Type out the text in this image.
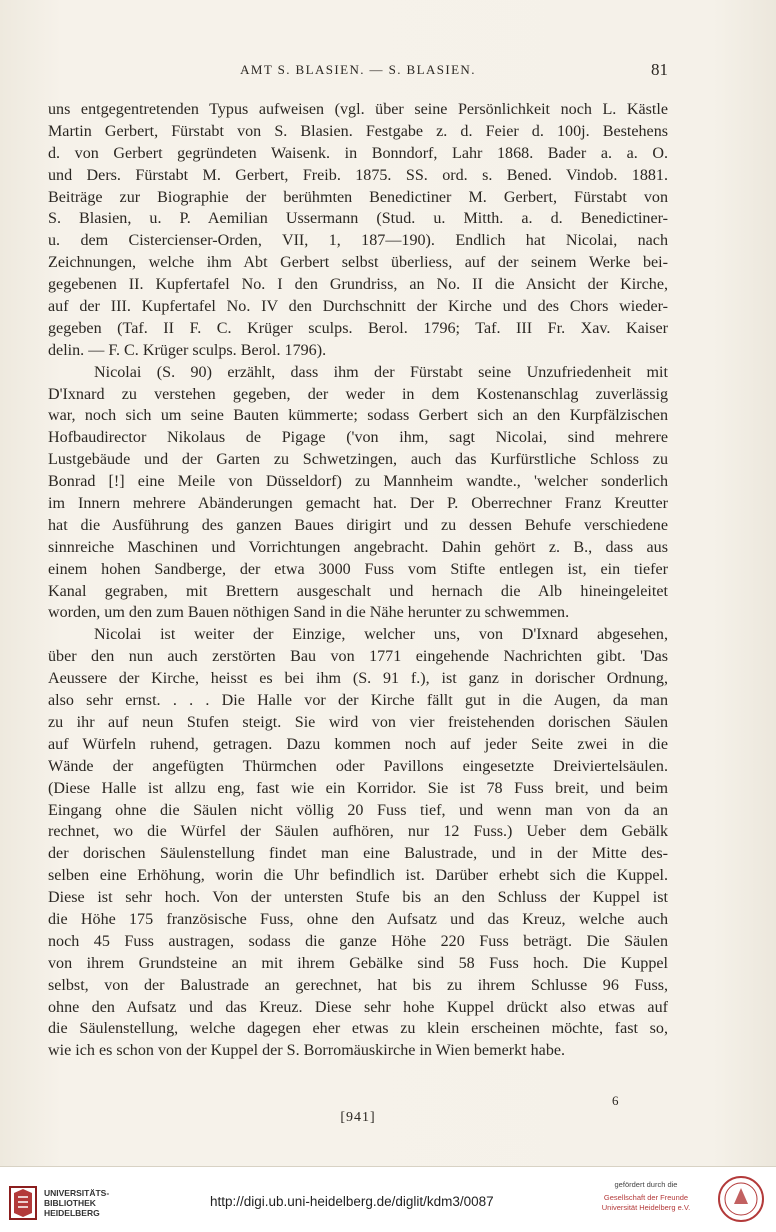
AMT S. BLASIEN. — S. BLASIEN.	81
uns entgegentretenden Typus aufweisen (vgl. über seine Persönlichkeit noch L. Kästle
Martin Gerbert, Fürstabt von S. Blasien. Festgabe z. d. Feier d. 100j. Bestehens
d. von Gerbert gegründeten Waisenk. in Bonndorf, Lahr 1868. Bader a. a. O.
und Ders. Fürstabt M. Gerbert, Freib. 1875. SS. ord. s. Bened. Vindob. 1881.
Beiträge zur Biographie der berühmten Benedictiner M. Gerbert, Fürstabt von
S. Blasien, u. P. Aemilian Ussermann (Stud. u. Mitth. a. d. Benedictiner-
u. dem Cistercienser-Orden, VII, 1, 187—190). Endlich hat Nicolai, nach
Zeichnungen, welche ihm Abt Gerbert selbst überliess, auf der seinem Werke bei-
gegebenen II. Kupfertafel No. I den Grundriss, an No. II die Ansicht der Kirche,
auf der III. Kupfertafel No. IV den Durchschnitt der Kirche und des Chors wieder-
gegeben (Taf. II F. C. Krüger sculps. Berol. 1796; Taf. III Fr. Xav. Kaiser
delin. — F. C. Krüger sculps. Berol. 1796).
Nicolai (S. 90) erzählt, dass ihm der Fürstabt seine Unzufriedenheit mit
D'Ixnard zu verstehen gegeben, der weder in dem Kostenanschlag zuverlässig
war, noch sich um seine Bauten kümmerte; sodass Gerbert sich an den Kurpfälzischen
Hofbaudirector Nikolaus de Pigage ('von ihm, sagt Nicolai, sind mehrere
Lustgebäude und der Garten zu Schwetzingen, auch das Kurfürstliche Schloss zu
Bonrad [!] eine Meile von Düsseldorf) zu Mannheim wandte., 'welcher sonderlich
im Innern mehrere Abänderungen gemacht hat. Der P. Oberrechner Franz Kreutter
hat die Ausführung des ganzen Baues dirigirt und zu dessen Behufe verschiedene
sinnreiche Maschinen und Vorrichtungen angebracht. Dahin gehört z. B., dass aus
einem hohen Sandberge, der etwa 3000 Fuss vom Stifte entlegen ist, ein tiefer
Kanal gegraben, mit Brettern ausgeschalt und hernach die Alb hineingeleitet
worden, um den zum Bauen nöthigen Sand in die Nähe herunter zu schwemmen.
Nicolai ist weiter der Einzige, welcher uns, von D'Ixnard abgesehen,
über den nun auch zerstörten Bau von 1771 eingehende Nachrichten gibt. 'Das
Aeussere der Kirche, heisst es bei ihm (S. 91 f.), ist ganz in dorischer Ordnung,
also sehr ernst. . . . Die Halle vor der Kirche fällt gut in die Augen, da man
zu ihr auf neun Stufen steigt. Sie wird von vier freistehenden dorischen Säulen
auf Würfeln ruhend, getragen. Dazu kommen noch auf jeder Seite zwei in die
Wände der angefügten Thürmchen oder Pavillons eingesetzte Dreiviertelsäulen.
(Diese Halle ist allzu eng, fast wie ein Korridor. Sie ist 78 Fuss breit, und beim
Eingang ohne die Säulen nicht völlig 20 Fuss tief, und wenn man von da an
rechnet, wo die Würfel der Säulen aufhören, nur 12 Fuss.) Ueber dem Gebälk
der dorischen Säulenstellung findet man eine Balustrade, und in der Mitte des-
selben eine Erhöhung, worin die Uhr befindlich ist. Darüber erhebt sich die Kuppel.
Diese ist sehr hoch. Von der untersten Stufe bis an den Schluss der Kuppel ist
die Höhe 175 französische Fuss, ohne den Aufsatz und das Kreuz, welche auch
noch 45 Fuss austragen, sodass die ganze Höhe 220 Fuss beträgt. Die Säulen
von ihrem Grundsteine an mit ihrem Gebälke sind 58 Fuss hoch. Die Kuppel
selbst, von der Balustrade an gerechnet, hat bis zu ihrem Schlusse 96 Fuss,
ohne den Aufsatz und das Kreuz. Diese sehr hohe Kuppel drückt also etwas auf
die Säulenstellung, welche dagegen eher etwas zu klein erscheinen möchte, fast so,
wie ich es schon von der Kuppel der S. Borromäuskirche in Wien bemerkt habe.
6
[941]
UNIVERSITÄTS-
BIBLIOTHEK
HEIDELBERG
http://digi.ub.uni-heidelberg.de/diglit/kdm3/0087
gefördert durch die
Gesellschaft der Freunde
Universität Heidelberg e.V.
